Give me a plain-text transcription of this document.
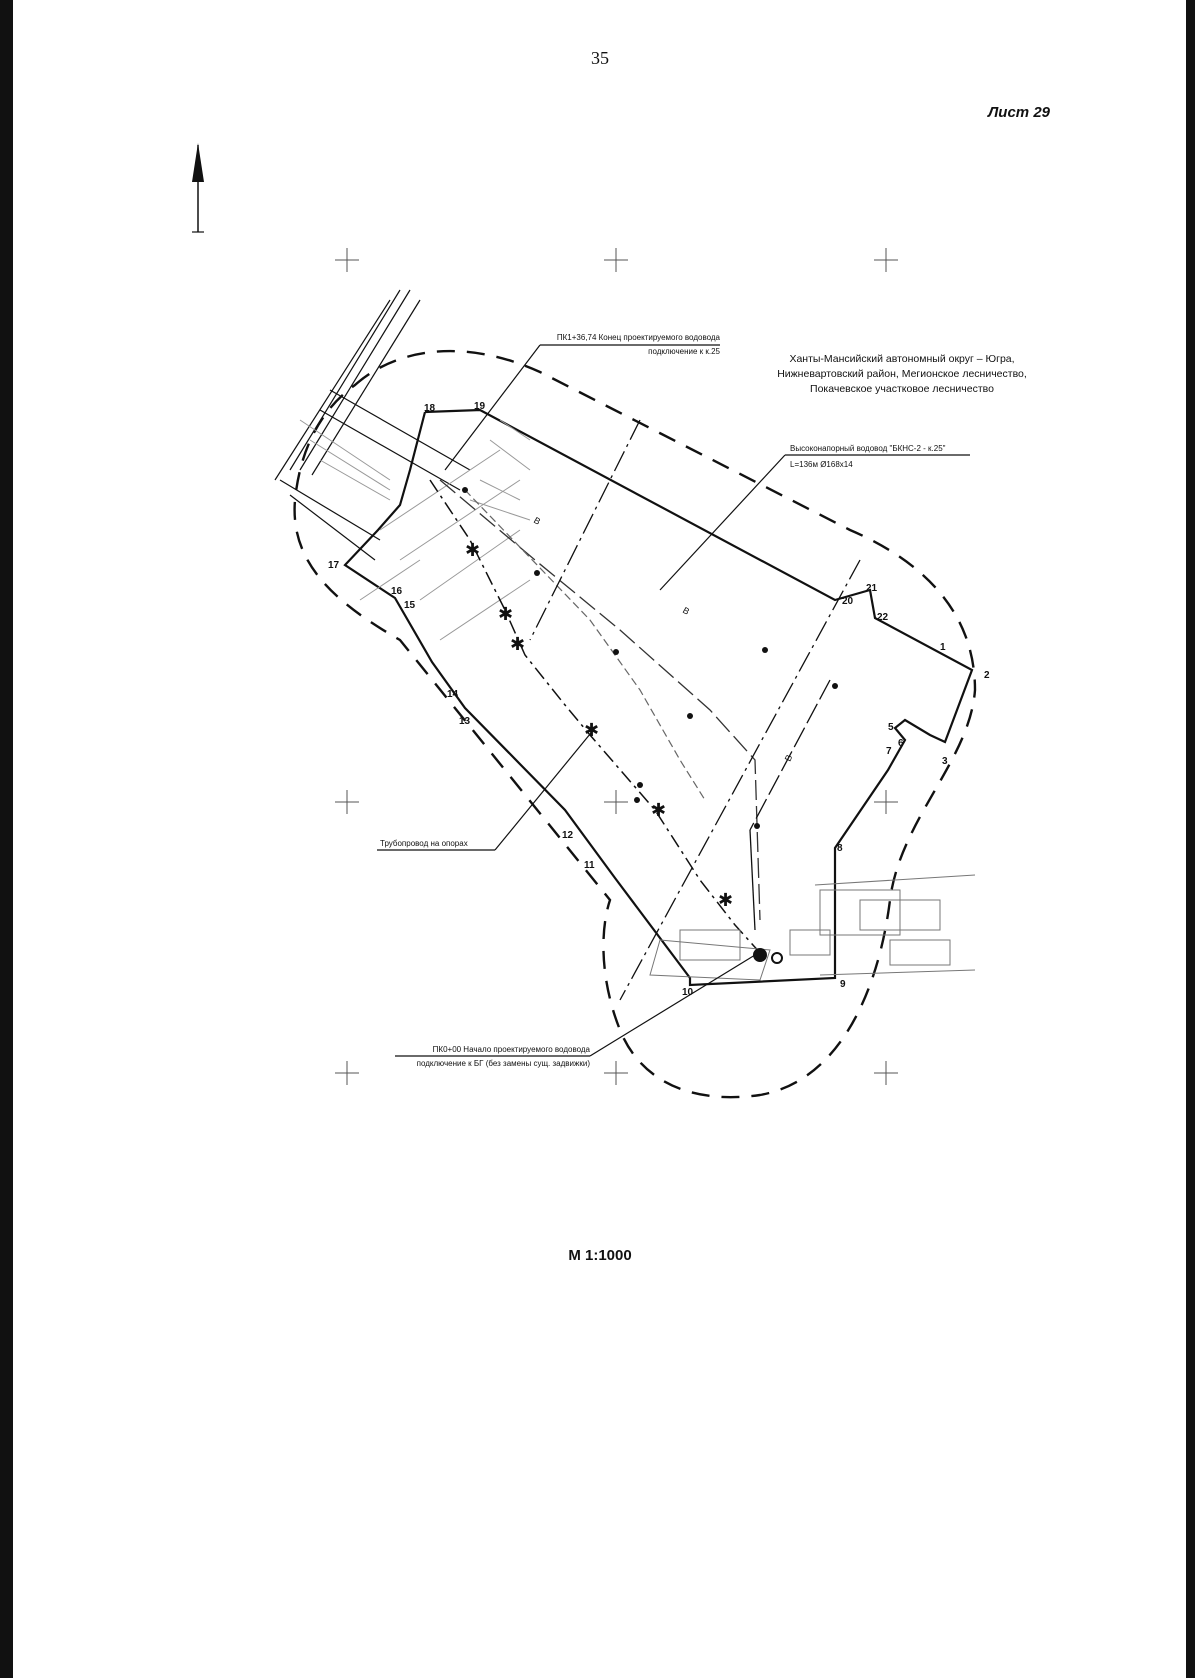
35
Лист 29
М 1:1000
✱
✱
✱
✱
✱
✱
ПК1+36,74 Конец проектируемого водовода
подключение к к.25
Высоконапорный водовод "БКНС-2 - к.25"
L=136м Ø168х14
Трубопровод на опорах
ПК0+00 Начало проектируемого водовода
подключение к БГ (без замены сущ. задвижки)
Ханты-Мансийский автономный округ – Югра,
Нижневартовский район, Мегионское лесничество,
Покачевское участковое лесничество
В
В
В
1
2
3
5
6
7
8
9
10
11
12
13
14
15
16
17
18	19
20
21
22
